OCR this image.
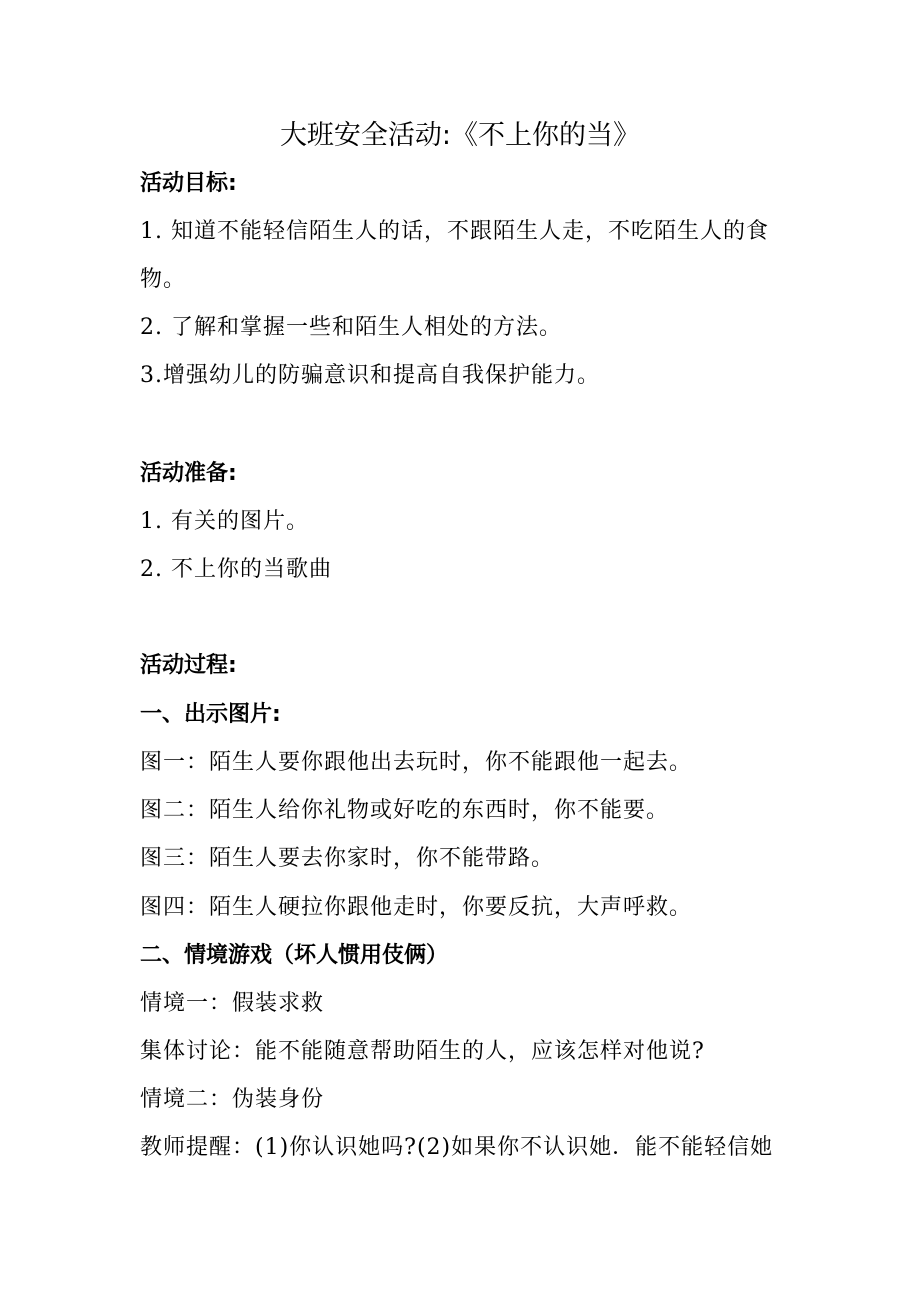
大班安全活动:《不上你的当》
活动目标:
1. 知道不能轻信陌生人的话，不跟陌生人走，不吃陌生人的食
物。
2. 了解和掌握一些和陌生人相处的方法。
3.增强幼儿的防骗意识和提高自我保护能力。
活动准备:
1. 有关的图片。
2. 不上你的当歌曲
活动过程:
一、出示图片:
图一：陌生人要你跟他出去玩时，你不能跟他一起去。
图二：陌生人给你礼物或好吃的东西时，你不能要。
图三：陌生人要去你家时，你不能带路。
图四：陌生人硬拉你跟他走时，你要反抗，大声呼救。
二、情境游戏（坏人惯用伎俩）
情境一：假装求救
集体讨论：能不能随意帮助陌生的人，应该怎样对他说?
情境二：伪装身份
教师提醒：(1)你认识她吗?(2)如果你不认识她．能不能轻信她
